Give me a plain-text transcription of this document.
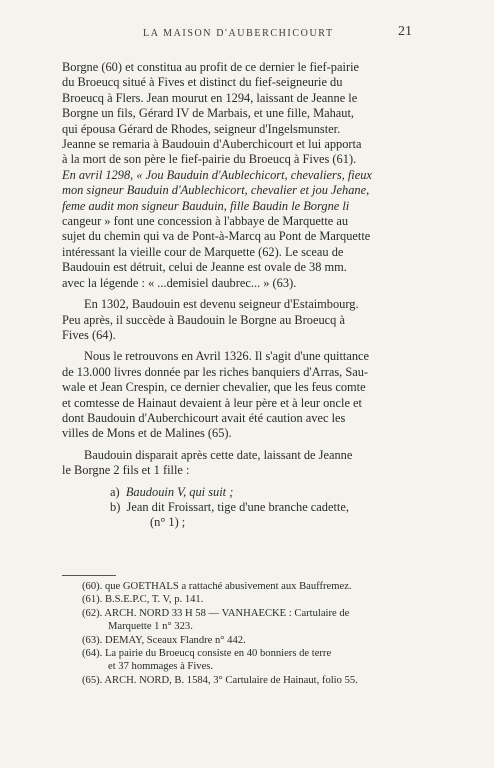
LA MAISON D'AUBERCHICOURT	21

Borgne (60) et constitua au profit de ce dernier le fief-pairie
du Broeucq situé à Fives et distinct du fief-seigneurie du
Broeucq à Flers. Jean mourut en 1294, laissant de Jeanne le
Borgne un fils, Gérard IV de Marbais, et une fille, Mahaut,
qui épousa Gérard de Rhodes, seigneur d'Ingelsmunster.
Jeanne se remaria à Baudouin d'Auberchicourt et lui apporta
à la mort de son père le fief-pairie du Broeucq à Fives (61).
En avril 1298, « Jou Bauduin d'Aublechicort, chevaliers, fieux
mon signeur Bauduin d'Aublechicort, chevalier et jou Jehane,
feme audit mon signeur Bauduin, fille Baudin le Borgne li
cangeur » font une concession à l'abbaye de Marquette au
sujet du chemin qui va de Pont-à-Marcq au Pont de Marquette
intéressant la vieille cour de Marquette (62). Le sceau de
Baudouin est détruit, celui de Jeanne est ovale de 38 mm.
avec la légende : « ...demisiel daubrec... » (63).

En 1302, Baudouin est devenu seigneur d'Estaimbourg.
Peu après, il succède à Baudouin le Borgne au Broeucq à
Fives (64).

Nous le retrouvons en Avril 1326. Il s'agit d'une quittance
de 13.000 livres donnée par les riches banquiers d'Arras, Sau-
wale et Jean Crespin, ce dernier chevalier, que les feus comte
et comtesse de Hainaut devaient à leur père et à leur oncle et
dont Baudouin d'Auberchicourt avait été caution avec les
villes de Mons et de Malines (65).

Baudouin disparait après cette date, laissant de Jeanne
le Borgne 2 fils et 1 fille :

a) Baudouin V, qui suit ;
b) Jean dit Froissart, tige d'une branche cadette,
(n° 1) ;
(60). que GOETHALS a rattaché abusivement aux Bauffremez.
(61). B.S.E.P.C, T. V, p. 141.
(62). ARCH. NORD 33 H 58 — VANHAECKE : Cartulaire de
Marquette 1 n° 323.
(63). DEMAY, Sceaux Flandre n° 442.
(64). La pairie du Broeucq consiste en 40 bonniers de terre
et 37 hommages à Fives.
(65). ARCH. NORD, B. 1584, 3° Cartulaire de Hainaut, folio 55.
